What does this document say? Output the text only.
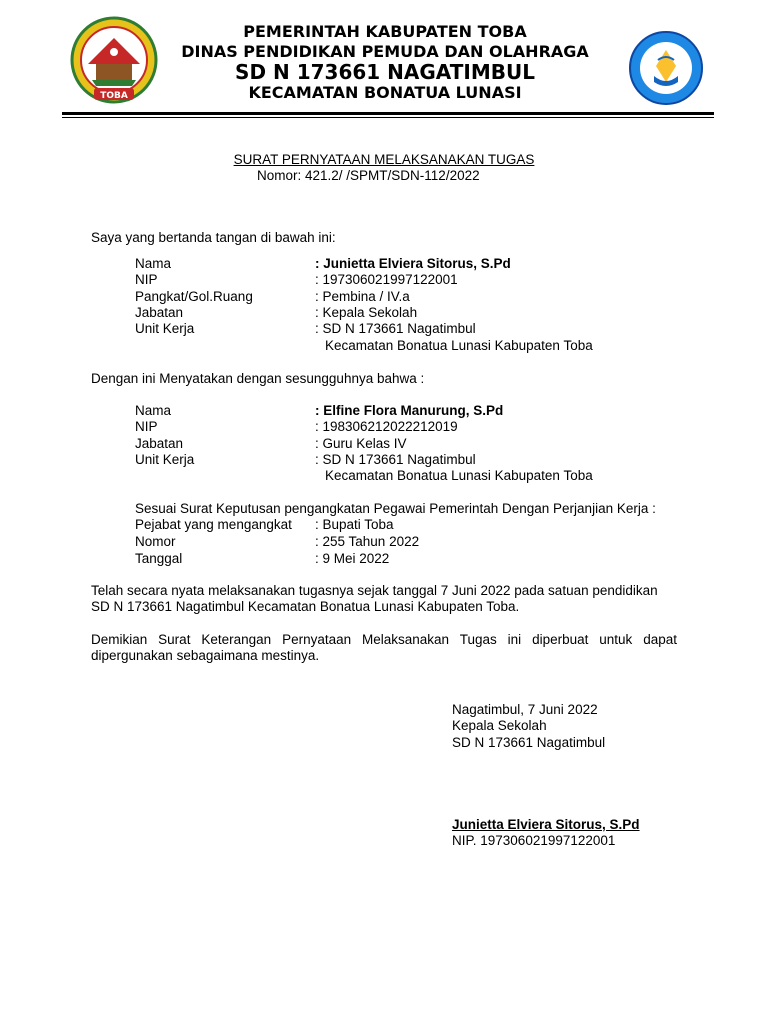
TOBA
PEMERINTAH KABUPATEN TOBA
DINAS PENDIDIKAN PEMUDA DAN OLAHRAGA
SD N 173661 NAGATIMBUL
KECAMATAN BONATUA LUNASI
SURAT PERNYATAAN MELAKSANAKAN TUGAS
Nomor: 421.2/ /SPMT/SDN-112/2022
Saya yang bertanda tangan di bawah ini:
Nama
NIP
Pangkat/Gol.Ruang
Jabatan
Unit Kerja
: Junietta Elviera Sitorus, S.Pd
: 197306021997122001
: Pembina / IV.a
: Kepala Sekolah
: SD N 173661 Nagatimbul
Kecamatan Bonatua Lunasi Kabupaten Toba
Dengan ini Menyatakan dengan sesungguhnya bahwa :
Nama
NIP
Jabatan
Unit Kerja
: Elfine Flora Manurung, S.Pd
: 198306212022212019
: Guru Kelas IV
: SD N 173661 Nagatimbul
Kecamatan Bonatua Lunasi Kabupaten Toba
Sesuai Surat Keputusan pengangkatan Pegawai Pemerintah Dengan Perjanjian Kerja :
Pejabat yang mengangkat
Nomor
Tanggal
: Bupati Toba
: 255 Tahun 2022
: 9 Mei 2022
Telah secara nyata melaksanakan tugasnya sejak tanggal 7 Juni 2022 pada satuan pendidikan
SD N 173661 Nagatimbul Kecamatan Bonatua Lunasi Kabupaten Toba.
Demikian Surat Keterangan Pernyataan Melaksanakan Tugas ini diperbuat untuk dapat
dipergunakan sebagaimana mestinya.
Nagatimbul, 7 Juni 2022
Kepala Sekolah
SD N 173661 Nagatimbul
Junietta Elviera Sitorus, S.Pd
NIP. 197306021997122001
